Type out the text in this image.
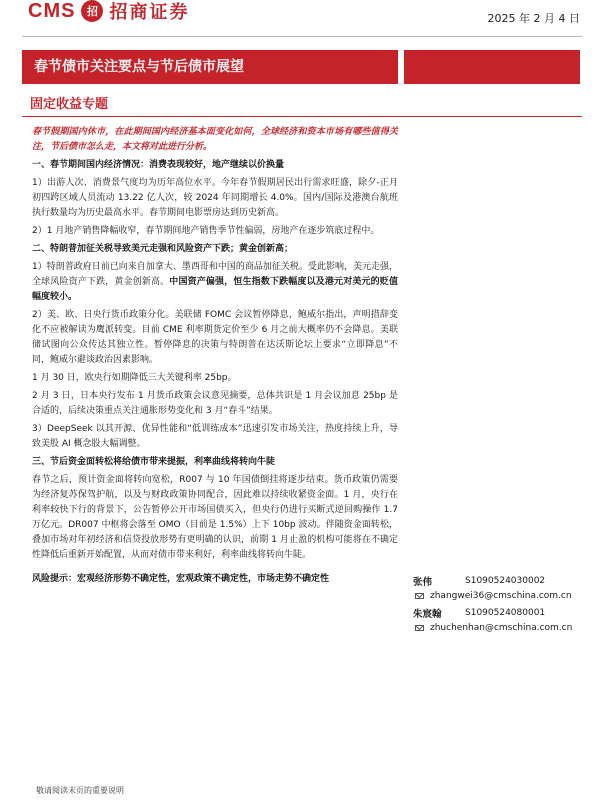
CMS	招 招商证券	2025 年 2 月 4 日
春节债市关注要点与节后债市展望
固定收益专题

春节假期国内休市，在此期间国内经济基本面变化如何，全球经济和资本市场有哪些值得关注，节后债市怎么走，本文将对此进行分析。

一、春节期间国内经济情况：消费表现较好，地产继续以价换量

1）出游人次、消费景气度均为历年高位水平。今年春节假期居民出行需求旺盛，除夕-正月初四跨区域人员流动 13.22 亿人次，较 2024 年同期增长 4.0%。国内/国际及港澳台航班执行数量均为历史最高水平。春节期间电影票房达到历史新高。

2）1 月地产销售降幅收窄，春节期间地产销售季节性偏弱，房地产在逐步筑底过程中。

二、特朗普加征关税导致美元走强和风险资产下跌；黄金创新高；

1）特朗普政府日前已向来自加拿大、墨西哥和中国的商品加征关税。受此影响，美元走强，全球风险资产下跌，黄金创新高。中国资产偏强，恒生指数下跌幅度以及港元对美元的贬值幅度较小。

2）美、欧、日央行货币政策分化。美联储 FOMC 会议暂停降息，鲍威尔指出，声明措辞变化不应被解读为鹰派转变。目前 CME 利率期货定价至少 6 月之前大概率仍不会降息。美联储试图向公众传达其独立性。暂停降息的决策与特朗普在达沃斯论坛上要求“立即降息”不同，鲍威尔避谈政治因素影响。

1 月 30 日，欧央行如期降低三大关键利率 25bp。

2 月 3 日，日本央行发布 1 月货币政策会议意见摘要，总体共识是 1 月会议加息 25bp 是合适的，后续决策重点关注通胀形势变化和 3 月“春斗”结果。

3）DeepSeek 以其开源、优异性能和“低训练成本”迅速引发市场关注，热度持续上升，导致美股 AI 概念股大幅调整。

三、节后资金面转松将给债市带来提振，利率曲线将转向牛陡

春节之后，预计资金面将转向宽松，R007 与 10 年国债倒挂将逐步结束。货币政策仍需要为经济复苏保驾护航，以及与财政政策协同配合，因此难以持续收紧资金面。1 月，央行在利率较快下行的背景下，公告暂停公开市场国债买入，但央行仍进行买断式逆回购操作 1.7 万亿元。DR007 中枢将会落至 OMO（目前是 1.5%）上下 10bp 波动。伴随资金面转松，叠加市场对年初经济和信贷投放形势有更明确的认识，前期 1 月止盈的机构可能将在不确定性降低后重新开始配置，从而对债市带来利好，利率曲线将转向牛陡。

风险提示：宏观经济形势不确定性，宏观政策不确定性，市场走势不确定性	张伟	S1090524030002
zhangwei36@cmschina.com.cn
朱宸翰	S1090524080001
zhuchenhan@cmschina.com.cn
敬请阅读末页的重要说明
